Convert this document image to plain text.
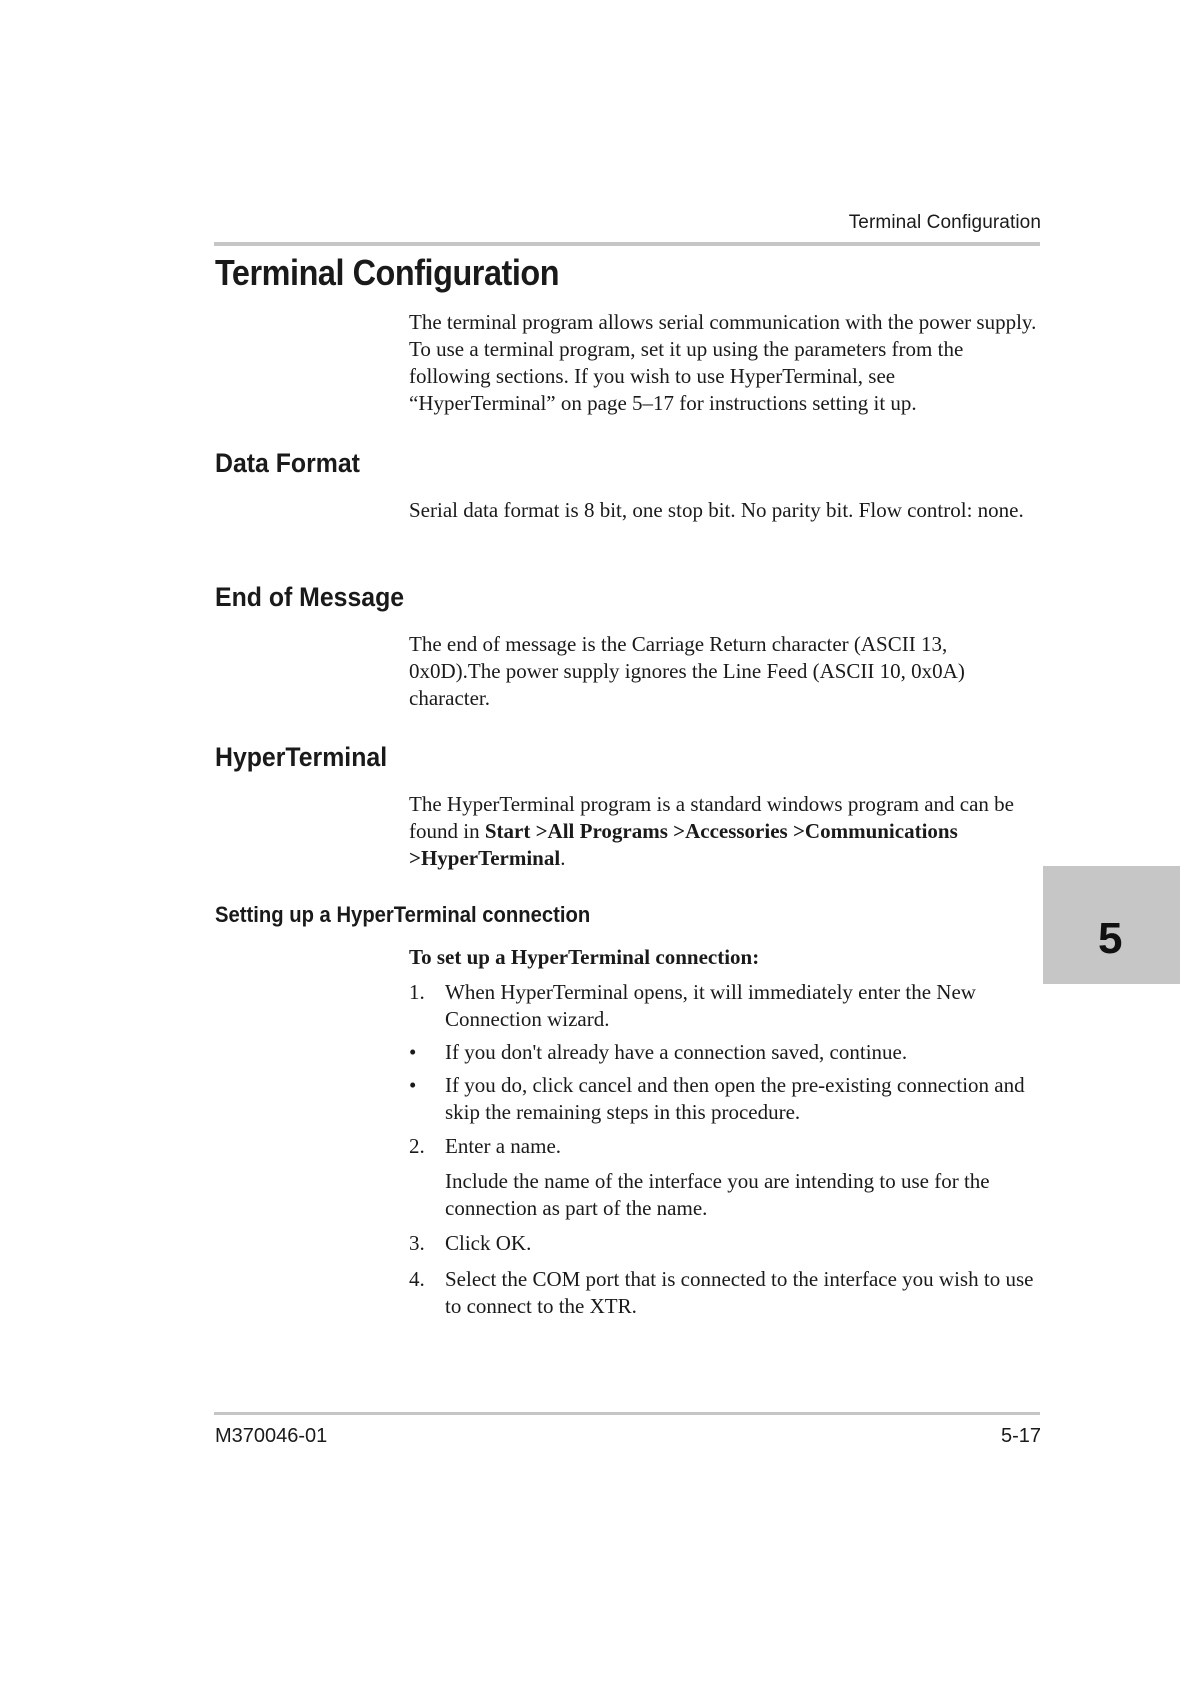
Terminal Configuration
Terminal Configuration

The terminal program allows serial communication with the power supply. To use a terminal program, set it up using the parameters from the following sections. If you wish to use HyperTerminal, see “HyperTerminal” on page 5–17 for instructions setting it up.

Data Format

Serial data format is 8 bit, one stop bit. No parity bit. Flow control: none.

End of Message

The end of message is the Carriage Return character (ASCII 13, 0x0D).The power supply ignores the Line Feed (ASCII 10, 0x0A) character.

HyperTerminal

The HyperTerminal program is a standard windows program and can be found in Start >All Programs >Accessories >Communications >HyperTerminal.

Setting up a HyperTerminal connection

To set up a HyperTerminal connection:

1. When HyperTerminal opens, it will immediately enter the New Connection wizard.
• If you don't already have a connection saved, continue.
• If you do, click cancel and then open the pre-existing connection and skip the remaining steps in this procedure.
2. Enter a name.

Include the name of the interface you are intending to use for the connection as part of the name.

3. Click OK.
4. Select the COM port that is connected to the interface you wish to use to connect to the XTR.
5
M370046-01	5-17
